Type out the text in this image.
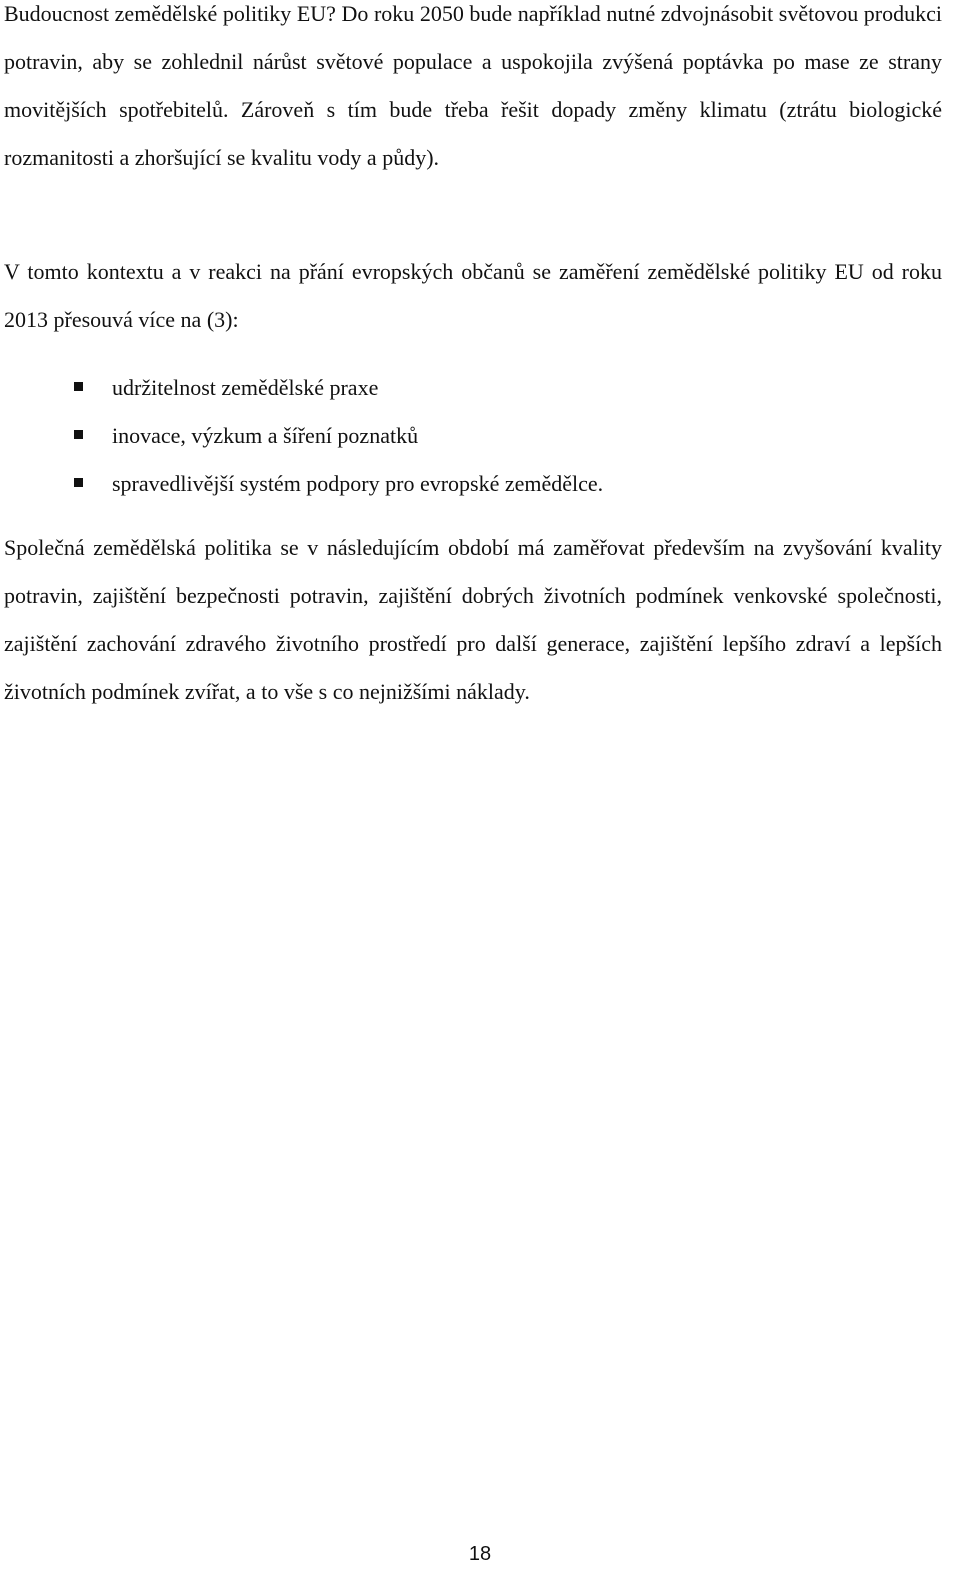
Budoucnost zemědělské politiky EU? Do roku 2050 bude například nutné zdvojnásobit světovou produkci potravin, aby se zohlednil nárůst světové populace a uspokojila zvýšená poptávka po mase ze strany movitějších spotřebitelů. Zároveň s tím bude třeba řešit dopady změny klimatu (ztrátu biologické rozmanitosti a zhoršující se kvalitu vody a půdy).

V tomto kontextu a v reakci na přání evropských občanů se zaměření zemědělské politiky EU od roku 2013 přesouvá více na (3):

udržitelnost zemědělské praxe
inovace, výzkum a šíření poznatků
spravedlivější systém podpory pro evropské zemědělce.

Společná zemědělská politika se v následujícím období má zaměřovat především na zvyšování kvality potravin, zajištění bezpečnosti potravin, zajištění dobrých životních podmínek venkovské společnosti, zajištění zachování zdravého životního prostředí pro další generace, zajištění lepšího zdraví a lepších životních podmínek zvířat, a to vše s co nejnižšími náklady.

18
